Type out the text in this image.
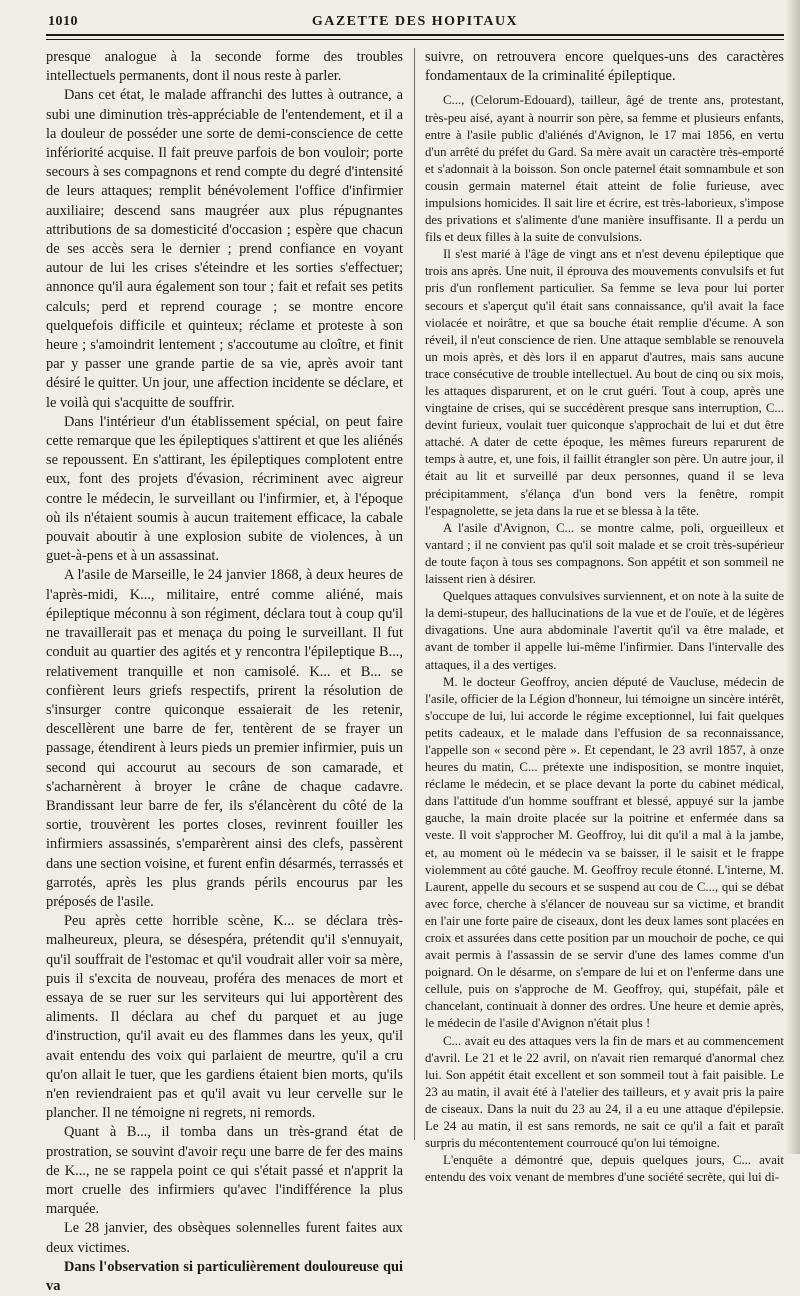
1010	GAZETTE DES HOPITAUX

presque analogue à la seconde forme des troubles intellectuels permanents, dont il nous reste à parler.

Dans cet état, le malade affranchi des luttes à outrance, a subi une diminution très-appréciable de l'entendement, et il a la douleur de posséder une sorte de demi-conscience de cette infériorité acquise. Il fait preuve parfois de bon vouloir; porte secours à ses compagnons et rend compte du degré d'intensité de leurs attaques; remplit bénévolement l'office d'infirmier auxiliaire; descend sans maugréer aux plus répugnantes attributions de sa domesticité d'occasion ; espère que chacun de ses accès sera le dernier ; prend confiance en voyant autour de lui les crises s'éteindre et les sorties s'effectuer; annonce qu'il aura également son tour ; fait et refait ses petits calculs; perd et reprend courage ; se montre encore quelquefois difficile et quinteux; réclame et proteste à son heure ; s'amoindrit lentement ; s'accoutume au cloître, et finit par y passer une grande partie de sa vie, après avoir tant désiré le quitter. Un jour, une affection incidente se déclare, et le voilà qui s'acquitte de souffrir.

Dans l'intérieur d'un établissement spécial, on peut faire cette remarque que les épileptiques s'attirent et que les aliénés se repoussent. En s'attirant, les épileptiques complotent entre eux, font des projets d'évasion, récriminent avec aigreur contre le médecin, le surveillant ou l'infirmier, et, à l'époque où ils n'étaient soumis à aucun traitement efficace, la cabale pouvait aboutir à une explosion subite de violences, à un guet-à-pens et à un assassinat.

A l'asile de Marseille, le 24 janvier 1868, à deux heures de l'après-midi, K..., militaire, entré comme aliéné, mais épileptique méconnu à son régiment, déclara tout à coup qu'il ne travaillerait pas et menaça du poing le surveillant. Il fut conduit au quartier des agités et y rencontra l'épileptique B..., relativement tranquille et non camisolé. K... et B... se confièrent leurs griefs respectifs, prirent la résolution de s'insurger contre quiconque essaierait de les retenir, descellèrent une barre de fer, tentèrent de se frayer un passage, étendirent à leurs pieds un premier infirmier, puis un second qui accourut au secours de son camarade, et s'acharnèrent à broyer le crâne de chaque cadavre. Brandissant leur barre de fer, ils s'élancèrent du côté de la sortie, trouvèrent les portes closes, revinrent fouiller les infirmiers assassinés, s'emparèrent ainsi des clefs, passèrent dans une section voisine, et furent enfin désarmés, terrassés et garrotés, après les plus grands périls encourus par les préposés de l'asile.

Peu après cette horrible scène, K... se déclara très-malheureux, pleura, se désespéra, prétendit qu'il s'ennuyait, qu'il souffrait de l'estomac et qu'il voudrait aller voir sa mère, puis il s'excita de nouveau, proféra des menaces de mort et essaya de se ruer sur les serviteurs qui lui apportèrent des aliments. Il déclara au chef du parquet et au juge d'instruction, qu'il avait eu des flammes dans les yeux, qu'il avait entendu des voix qui parlaient de meurtre, qu'il a cru qu'on allait le tuer, que les gardiens étaient bien morts, qu'ils n'en reviendraient pas et qu'il avait vu leur cervelle sur le plancher. Il ne témoigne ni regrets, ni remords.

Quant à B..., il tomba dans un très-grand état de prostration, se souvint d'avoir reçu une barre de fer des mains de K..., ne se rappela point ce qui s'était passé et n'apprit la mort cruelle des infirmiers qu'avec l'indifférence la plus marquée.

Le 28 janvier, des obsèques solennelles furent faites aux deux victimes.

Dans l'observation si particulièrement douloureuse qui va

suivre, on retrouvera encore quelques-uns des caractères fondamentaux de la criminalité épileptique.

C..., (Celorum-Edouard), tailleur, âgé de trente ans, protestant, très-peu aisé, ayant à nourrir son père, sa femme et plusieurs enfants, entre à l'asile public d'aliénés d'Avignon, le 17 mai 1856, en vertu d'un arrêté du préfet du Gard. Sa mère avait un caractère très-emporté et s'adonnait à la boisson. Son oncle paternel était somnambule et son cousin germain maternel était atteint de folie furieuse, avec impulsions homicides. Il sait lire et écrire, est très-laborieux, s'impose des privations et s'alimente d'une manière insuffisante. Il a perdu un fils et deux filles à la suite de convulsions.

Il s'est marié à l'âge de vingt ans et n'est devenu épileptique que trois ans après. Une nuit, il éprouva des mouvements convulsifs et fut pris d'un ronflement particulier. Sa femme se leva pour lui porter secours et s'aperçut qu'il était sans connaissance, qu'il avait la face violacée et noirâtre, et que sa bouche était remplie d'écume. A son réveil, il n'eut conscience de rien. Une attaque semblable se renouvela un mois après, et dès lors il en apparut d'autres, mais sans aucune trace consécutive de trouble intellectuel. Au bout de cinq ou six mois, les attaques disparurent, et on le crut guéri. Tout à coup, après une vingtaine de crises, qui se succédèrent presque sans interruption, C... devint furieux, voulait tuer quiconque s'approchait de lui et dut être attaché. A dater de cette époque, les mêmes fureurs reparurent de temps à autre, et, une fois, il faillit étrangler son père. Un autre jour, il était au lit et surveillé par deux personnes, quand il se leva précipitamment, s'élança d'un bond vers la fenêtre, rompit l'espagnolette, se jeta dans la rue et se blessa à la tête.

A l'asile d'Avignon, C... se montre calme, poli, orgueilleux et vantard ; il ne convient pas qu'il soit malade et se croit très-supérieur de toute façon à tous ses compagnons. Son appétit et son sommeil ne laissent rien à désirer.

Quelques attaques convulsives surviennent, et on note à la suite de la demi-stupeur, des hallucinations de la vue et de l'ouïe, et de légères divagations. Une aura abdominale l'avertit qu'il va être malade, et avant de tomber il appelle lui-même l'infirmier. Dans l'intervalle des attaques, il a des vertiges.

M. le docteur Geoffroy, ancien député de Vaucluse, médecin de l'asile, officier de la Légion d'honneur, lui témoigne un sincère intérêt, s'occupe de lui, lui accorde le régime exceptionnel, lui fait quelques petits cadeaux, et le malade dans l'effusion de sa reconnaissance, l'appelle son « second père ». Et cependant, le 23 avril 1857, à onze heures du matin, C... prétexte une indisposition, se montre inquiet, réclame le médecin, et se place devant la porte du cabinet médical, dans l'attitude d'un homme souffrant et blessé, appuyé sur la jambe gauche, la main droite placée sur la poitrine et enfermée dans sa veste. Il voit s'approcher M. Geoffroy, lui dit qu'il a mal à la jambe, et, au moment où le médecin va se baisser, il le saisit et le frappe violemment au côté gauche. M. Geoffroy recule étonné. L'interne, M. Laurent, appelle du secours et se suspend au cou de C..., qui se débat avec force, cherche à s'élancer de nouveau sur sa victime, et brandit en l'air une forte paire de ciseaux, dont les deux lames sont placées en croix et assurées dans cette position par un mouchoir de poche, ce qui avait permis à l'assassin de se servir d'une des lames comme d'un poignard. On le désarme, on s'empare de lui et on l'enferme dans une cellule, puis on s'approche de M. Geoffroy, qui, stupéfait, pâle et chancelant, continuait à donner des ordres. Une heure et demie après, le médecin de l'asile d'Avignon n'était plus !

C... avait eu des attaques vers la fin de mars et au commencement d'avril. Le 21 et le 22 avril, on n'avait rien remarqué d'anormal chez lui. Son appétit était excellent et son sommeil tout à fait paisible. Le 23 au matin, il avait été à l'atelier des tailleurs, et y avait pris la paire de ciseaux. Dans la nuit du 23 au 24, il a eu une attaque d'épilepsie. Le 24 au matin, il est sans remords, ne sait ce qu'il a fait et paraît surpris du mécontentement courroucé qu'on lui témoigne.

L'enquête a démontré que, depuis quelques jours, C... avait entendu des voix venant de membres d'une société secrète, qui lui di-
